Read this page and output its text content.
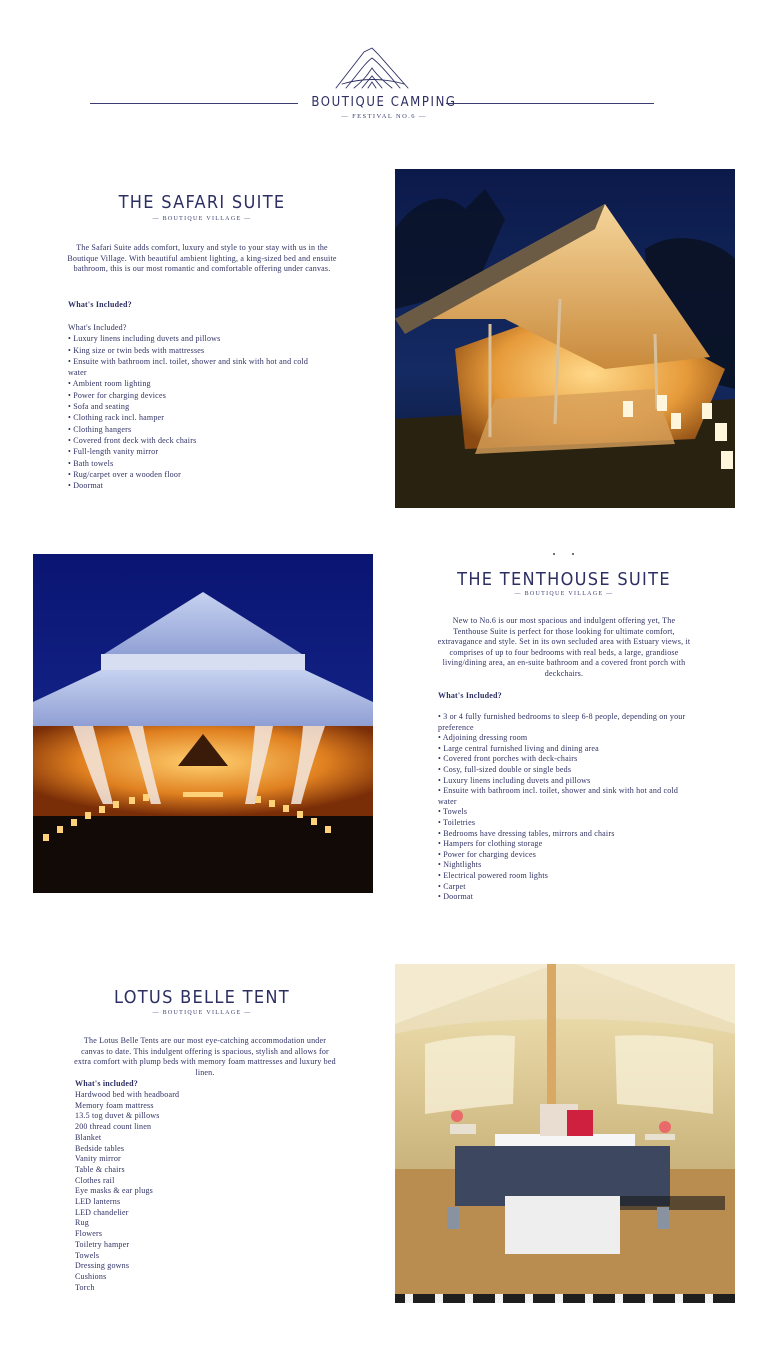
BOUTIQUE CAMPING
— FESTIVAL NO.6 —
THE SAFARI SUITE
— BOUTIQUE VILLAGE —
The Safari Suite adds comfort, luxury and style to your stay with us in the Boutique Village. With beautiful ambient lighting, a king-sized bed and ensuite bathroom, this is our most romantic and comfortable offering under canvas.
What's Included?
What's Included?
• Luxury linens including duvets and pillows
• King size or twin beds with mattresses
• Ensuite with bathroom incl. toilet, shower and sink with hot and cold
water
• Ambient room lighting
• Power for charging devices
• Sofa and seating
• Clothing rack incl. hamper
• Clothing hangers
• Covered front deck with deck chairs
• Full-length vanity mirror
• Bath towels
• Rug/carpet over a wooden floor
• Doormat
THE TENTHOUSE SUITE
— BOUTIQUE VILLAGE —
New to No.6 is our most spacious and indulgent offering yet, The Tenthouse Suite is perfect for those looking for ultimate comfort, extravagance and style. Set in its own secluded area with Estuary views, it comprises of up to four bedrooms with real beds, a large, grandiose living/dining area, an en-suite bathroom and a covered front porch with deckchairs.
What's Included?
• 3 or 4 fully furnished bedrooms to sleep 6-8 people, depending on your
preference
• Adjoining dressing room
• Large central furnished living and dining area
• Covered front porches with deck-chairs
• Cosy, full-sized double or single beds
• Luxury linens including duvets and pillows
• Ensuite with bathroom incl. toilet, shower and sink with hot and cold
water
• Towels
• Toiletries
• Bedrooms have dressing tables, mirrors and chairs
• Hampers for clothing storage
• Power for charging devices
• Nightlights
• Electrical powered room lights
• Carpet
• Doormat
LOTUS BELLE TENT
— BOUTIQUE VILLAGE —
The Lotus Belle Tents are our most eye-catching accommodation under canvas to date. This indulgent offering is spacious, stylish and allows for extra comfort with plump beds with memory foam mattresses and luxury bed linen.
What's included?
Hardwood bed with headboard
Memory foam mattress
13.5 tog duvet & pillows
200 thread count linen
Blanket
Bedside tables
Vanity mirror
Table & chairs
Clothes rail
Eye masks & ear plugs
LED lanterns
LED chandelier
Rug
Flowers
Toiletry hamper
Towels
Dressing gowns
Cushions
Torch
